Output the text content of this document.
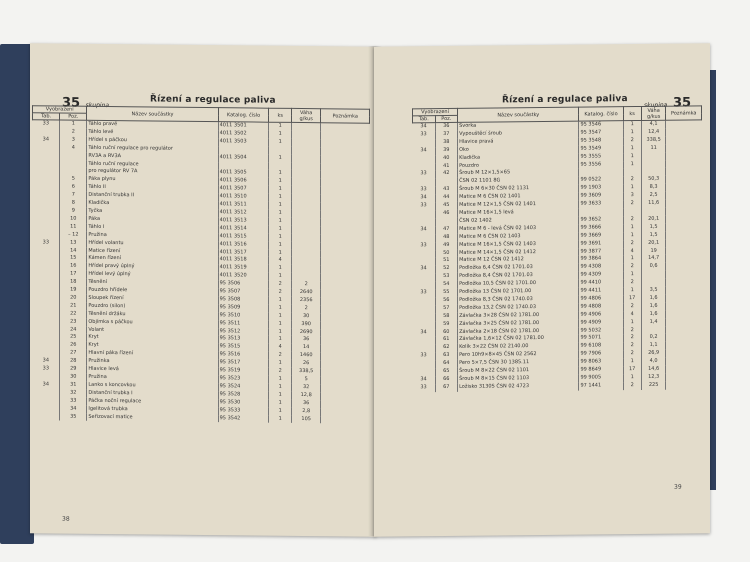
35 skupina	Řízení a regulace paliva
Vyobrazení		Název součástky	Katalog. číslo	ks	Váha g/kus	Poznámka
Tab.	Poz.					
33	1	Táhlo pravé	4011 3501	1		
	2	Táhlo levé	4011 3502	1		
34	3	Hřídel s páčkou	4011 3503	1		
	4	Táhlo ruční regulace pro regulátor				
		RV3A a RV3A	4011 3504	1		
		Táhlo ruční regulace				
		pro regulátor RV 7A	4011 3505	1		
	5	Páka plynu	4011 3506	1		
	6	Táhlo II	4011 3507	1		
	7	Distanční trubka II	4011 3510	1		
	8	Kladička	4011 3511	1		
	9	Tyčka	4011 3512	1		
	10	Páka	4011 3513	1		
	11	Táhlo I	4011 3514	1		
	– 12	Pružina	4011 3515	1		
33	13	Hřídel volantu	4011 3516	1		
	14	Matice řízení	4011 3517	1		
	15	Kámen řízení	4011 3518	4		
	16	Hřídel pravý úplný	4011 3519	1		
	17	Hřídel levý úplný	4011 3520	1		
	18	Těsnění	95 3506	2	2	
	19	Pouzdro hřídele	95 3507	2	2640	
	20	Sloupek řízení	95 3508	1	2356	
	21	Pouzdro (silon)	95 3509	1	2	
	22	Těsnění držáku	95 3510	1	30	
	23	Objímka s páčkou	95 3511	1	390	
	24	Volant	95 3512	1	2690	
	25	Kryt	95 3513	1	36	
	26	Kryt	95 3515	4	14	
	27	Hlavní páka řízení	95 3516	2	1460	
34	28	Pružinka	95 3517	1	26	
33	29	Hlavice levá	95 3519	2	338,5	
	30	Pružina	95 3523	1	5	
34	31	Lanko s koncovkou	95 3524	1	32	
	32	Distanční trubka I	95 3528	1	12,8	
	33	Páčka noční regulace	95 3530	1	36	
	34	Igelitová trubka	95 3533	1	2,8	
	35	Seřizovací matice	95 3542	1	105	
38
Řízení a regulace paliva	skupina 35
Vyobrazení		Název součástky	Katalog. číslo	ks	Váha g/kus	Poznámka
Tab.	Poz.					
34	36	Svorka	95 3546	1	4,1	
33	37	Vypouštěcí šroub	95 3547	1	12,4	
	38	Hlavice pravá	95 3548	2	338,5	
34	39	Oko	95 3549	1	11	
	40	Kladička	95 3555	1		
	41	Pouzdro	95 3556	1		
33	42	Šroub M 12×1,5×65				
		ČSN 02 1101 8G	99 0522	2	50,3	
33	43	Šroub M 6×30 ČSN 02 1131	99 1903	1	8,3	
34	44	Matice M 6 ČSN 02 1401	99 3609	3	2,5	
33	45	Matice M 12×1,5 ČSN 02 1401	99 3633	2	11,6	
	46	Matice M 16×1,5 levá				
		ČSN 02 1402	99 3652	2	20,1	
34	47	Matice M 6 - levá ČSN 02 1403	99 3666	1	1,5	
	48	Matice M 6 ČSN 02 1403	99 3669	1	1,5	
33	49	Matice M 16×1,5 ČSN 02 1403	99 3691	2	20,1	
	50	Matice M 14×1,5 ČSN 02 1412	99 3877	4	19	
	51	Matice M 12 ČSN 02 1412	99 3864	1	14,7	
34	52	Podložka 6,4 ČSN 02 1701.03	99 4308	2	0,6	
	53	Podložka 8,4 ČSN 02 1701.03	99 4309	1		
	54	Podložka 10,5 ČSN 02 1701.00	99 4410	2		
33	55	Podložka 13 ČSN 02 1701.00	99 4411	1	3,5	
	56	Podložka 8,3 ČSN 02 1740.03	99 4806	17	1,6	
	57	Podložka 13,2 ČSN 02 1740.03	99 4808	2	1,6	
	58	Závlačka 3×28 ČSN 02 1781.00	99 4906	4	1,6	
	59	Závlačka 3×25 ČSN 02 1781.00	99 4909	1	1,4	
34	60	Závlačka 2×18 ČSN 02 1781.00	99 5032	2		
	61	Závlačka 1,6×12 ČSN 02 1781.00	99 5071	2	0,2	
	62	Kolík 3×22 ČSN 02 2140.00	99 6108	2	1,1	
33	63	Pero 10h9×8×45 ČSN 02 2562	99 7906	2	26,9	
	64	Pero 5×7,5 ČSN 30 1385.11	99 8063	1	4,0	
	65	Šroub M 8×22 ČSN 02 1101	99 8649	17	14,6	
34	66	Šroub M 8×15 ČSN 02 1103	99 9005	1	12,3	
33	67	Ložisko 3130S ČSN 02 4723	97 1441	2	225	
39
